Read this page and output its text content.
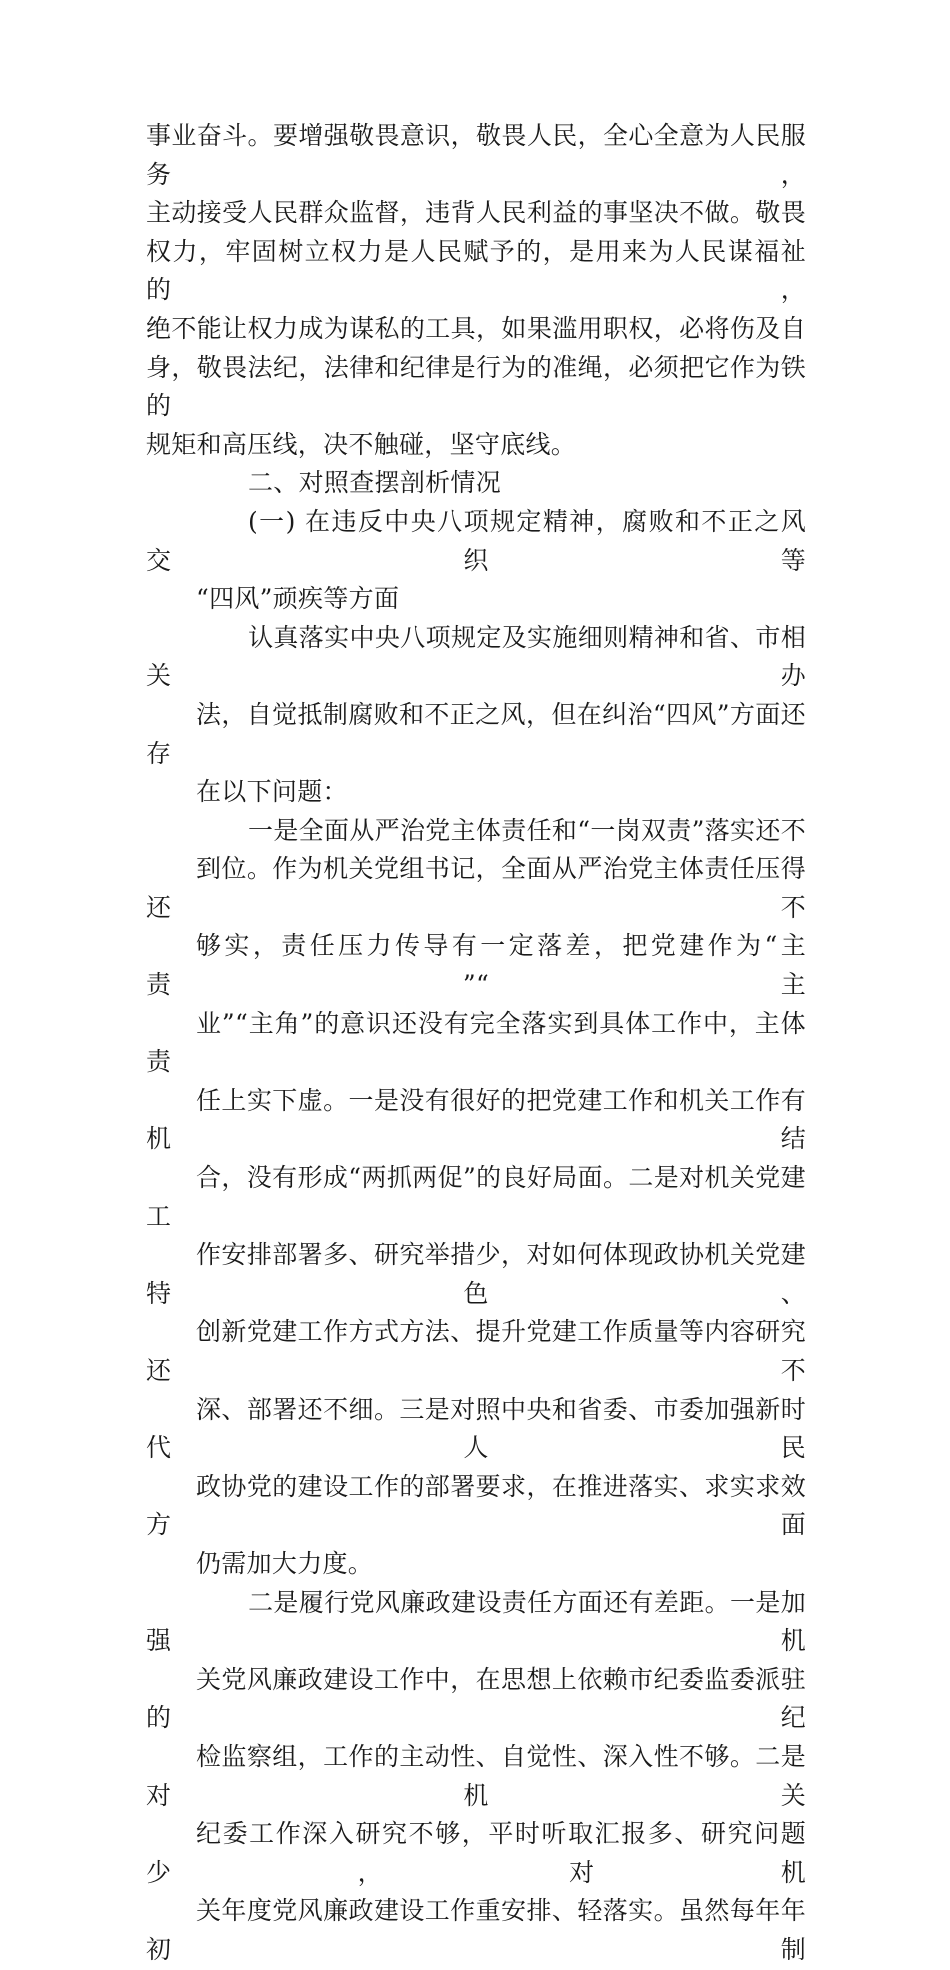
事业奋斗。要增强敬畏意识，敬畏人民，全心全意为人民服务，
主动接受人民群众监督，违背人民利益的事坚决不做。敬畏
权力，牢固树立权力是人民赋予的，是用来为人民谋福祉的，
绝不能让权力成为谋私的工具，如果滥用职权，必将伤及自
身，敬畏法纪，法律和纪律是行为的准绳，必须把它作为铁的
规矩和高压线，决不触碰，坚守底线。
二、对照查摆剖析情况
(一) 在违反中央八项规定精神，腐败和不正之风交织等
“四风”顽疾等方面
认真落实中央八项规定及实施细则精神和省、市相关办
法，自觉抵制腐败和不正之风，但在纠治“四风”方面还存
在以下问题：
一是全面从严治党主体责任和“一岗双责”落实还不
到位。作为机关党组书记，全面从严治党主体责任压得还不
够实，责任压力传导有一定落差，把党建作为“主责”“主
业”“主角”的意识还没有完全落实到具体工作中，主体责
任上实下虚。一是没有很好的把党建工作和机关工作有机结
合，没有形成“两抓两促”的良好局面。二是对机关党建工
作安排部署多、研究举措少，对如何体现政协机关党建特色、
创新党建工作方式方法、提升党建工作质量等内容研究还不
深、部署还不细。三是对照中央和省委、市委加强新时代人民
政协党的建设工作的部署要求，在推进落实、求实求效方面
仍需加大力度。
二是履行党风廉政建设责任方面还有差距。一是加强机
关党风廉政建设工作中，在思想上依赖市纪委监委派驻的纪
检监察组，工作的主动性、自觉性、深入性不够。二是对机关
纪委工作深入研究不够，平时听取汇报多、研究问题少，对机
关年度党风廉政建设工作重安排、轻落实。虽然每年年初制
